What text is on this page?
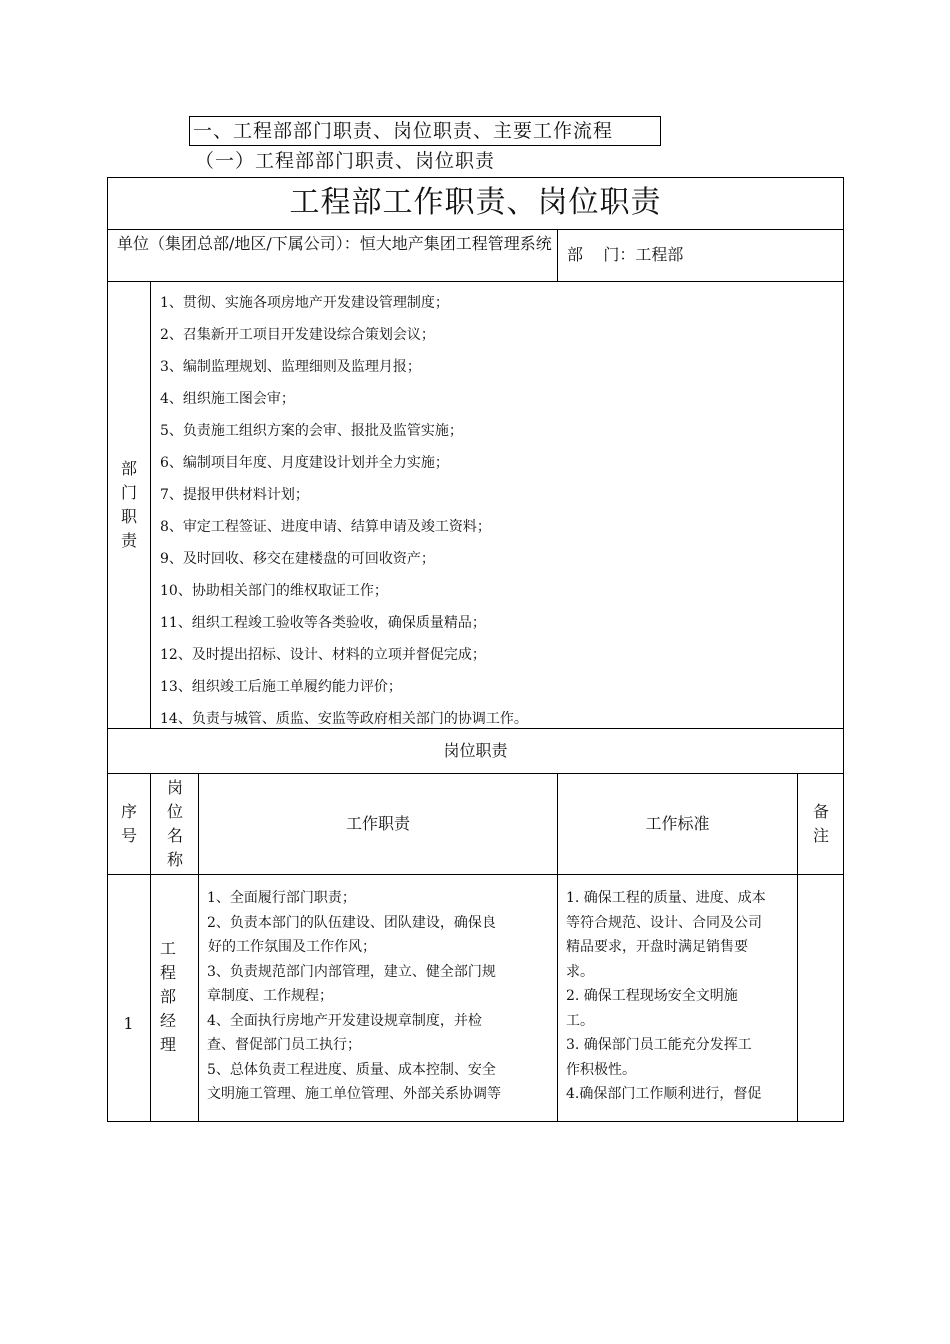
一、工程部部门职责、岗位职责、主要工作流程
（一）工程部部门职责、岗位职责
工程部工作职责、岗位职责
单位（集团总部/地区/下属公司）：恒大地产集团工程管理系统
部    门：工程部
部
门
职
责
1、贯彻、实施各项房地产开发建设管理制度；
2、召集新开工项目开发建设综合策划会议；
3、编制监理规划、监理细则及监理月报；
4、组织施工图会审；
5、负责施工组织方案的会审、报批及监管实施；
6、编制项目年度、月度建设计划并全力实施；
7、提报甲供材料计划；
8、审定工程签证、进度申请、结算申请及竣工资料；
9、及时回收、移交在建楼盘的可回收资产；
10、协助相关部门的维权取证工作；
11、组织工程竣工验收等各类验收，确保质量精品；
12、及时提出招标、设计、材料的立项并督促完成；
13、组织竣工后施工单履约能力评价；
14、负责与城管、质监、安监等政府相关部门的协调工作。
岗位职责
序
号
岗
位
名
称
工作职责	工作标准
备
注
1
工
程
部
经
理
1、全面履行部门职责；
2、负责本部门的队伍建设、团队建设，确保良
好的工作氛围及工作作风；
3、负责规范部门内部管理，建立、健全部门规
章制度、工作规程；
4、全面执行房地产开发建设规章制度，并检
查、督促部门员工执行；
5、总体负责工程进度、质量、成本控制、安全
文明施工管理、施工单位管理、外部关系协调等
1. 确保工程的质量、进度、成本
等符合规范、设计、合同及公司
精品要求，开盘时满足销售要
求。
2. 确保工程现场安全文明施
工。
3. 确保部门员工能充分发挥工
作积极性。
4.确保部门工作顺利进行，督促
